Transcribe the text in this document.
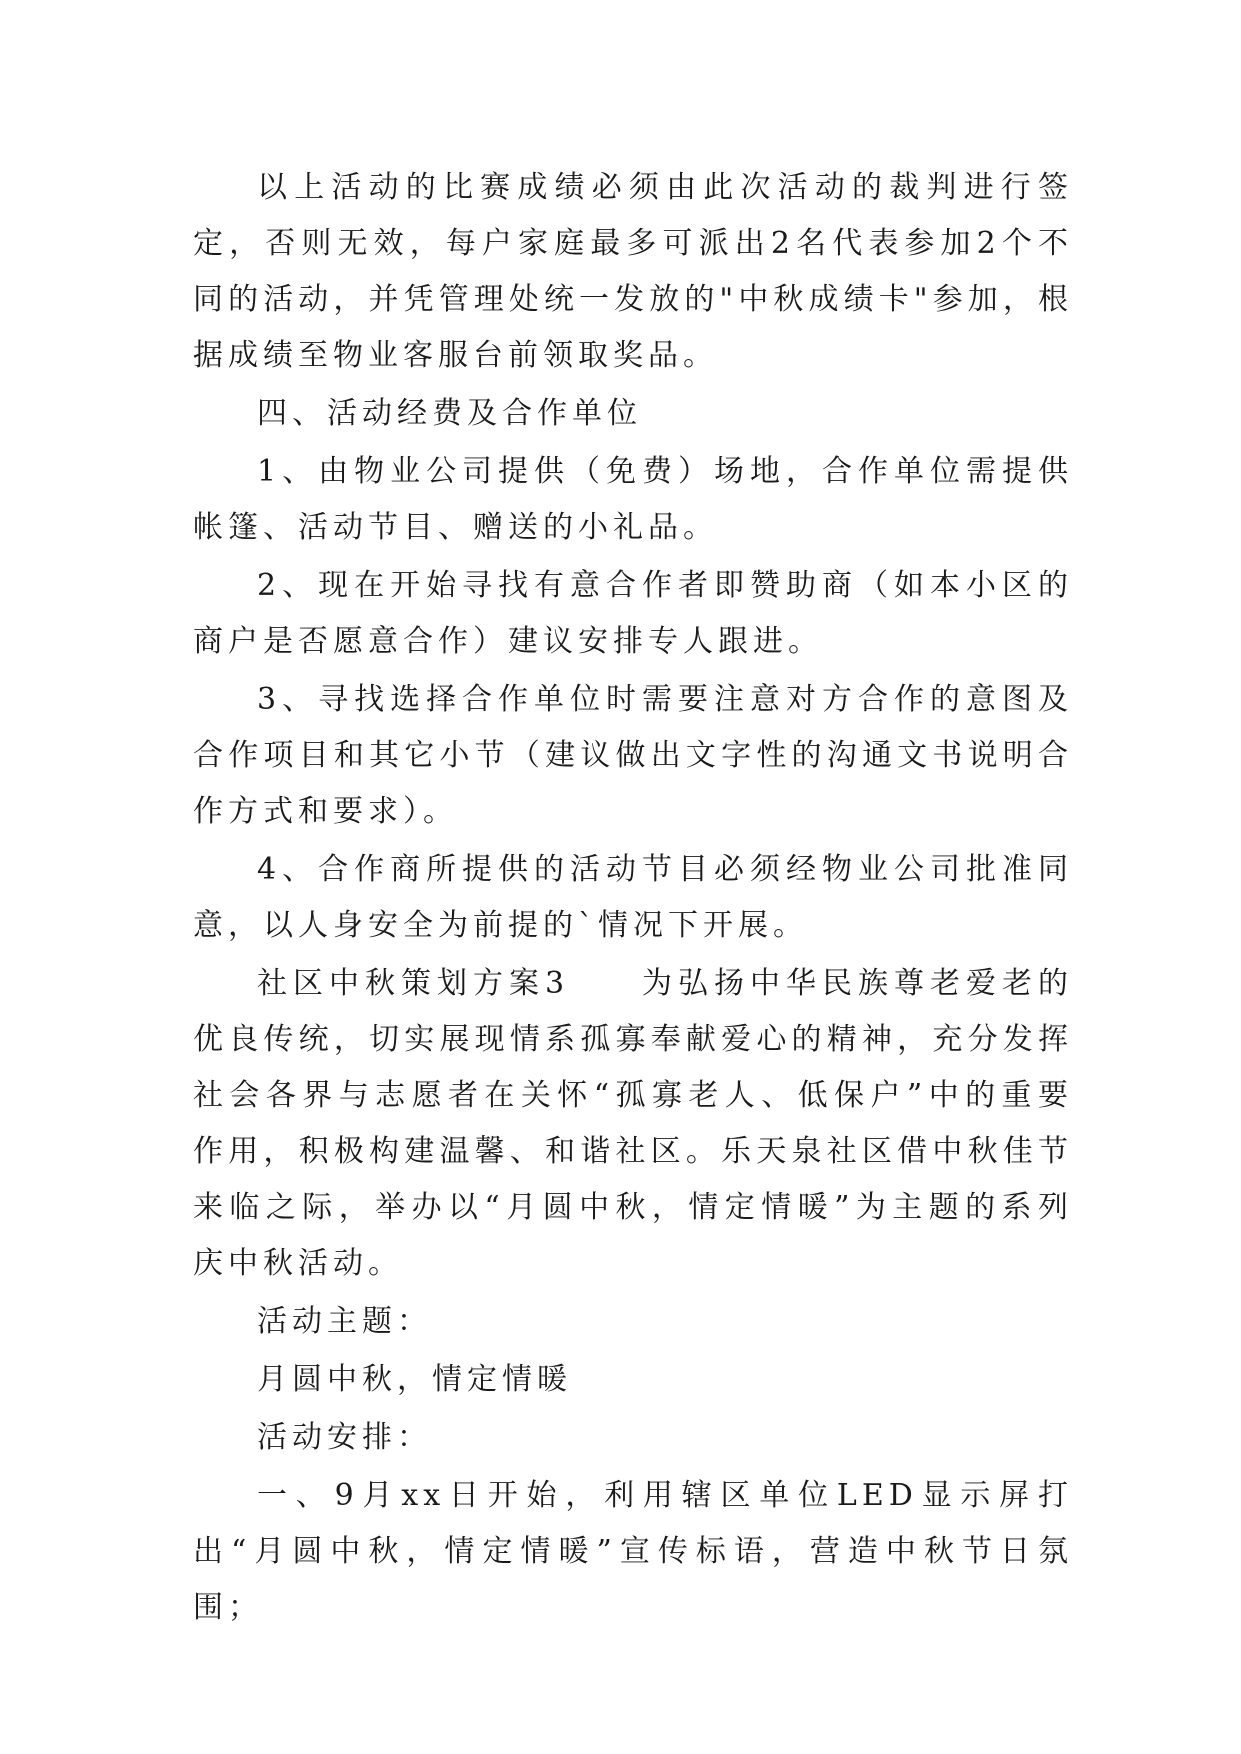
以上活动的比赛成绩必须由此次活动的裁判进行签定，否则无效，每户家庭最多可派出2名代表参加2个不同的活动，并凭管理处统一发放的"中秋成绩卡"参加，根据成绩至物业客服台前领取奖品。

四、活动经费及合作单位

1、由物业公司提供（免费）场地，合作单位需提供帐篷、活动节目、赠送的小礼品。

2、现在开始寻找有意合作者即赞助商（如本小区的商户是否愿意合作）建议安排专人跟进。

3、寻找选择合作单位时需要注意对方合作的意图及合作项目和其它小节（建议做出文字性的沟通文书说明合作方式和要求）。

4、合作商所提供的活动节目必须经物业公司批准同意，以人身安全为前提的`情况下开展。

社区中秋策划方案3　　为弘扬中华民族尊老爱老的优良传统，切实展现情系孤寡奉献爱心的精神，充分发挥社会各界与志愿者在关怀“孤寡老人、低保户”中的重要作用，积极构建温馨、和谐社区。乐天泉社区借中秋佳节来临之际，举办以“月圆中秋，情定情暖”为主题的系列庆中秋活动。

活动主题：

月圆中秋，情定情暖

活动安排：

一、9月xx日开始，利用辖区单位LED显示屏打出“月圆中秋，情定情暖”宣传标语，营造中秋节日氛围；
